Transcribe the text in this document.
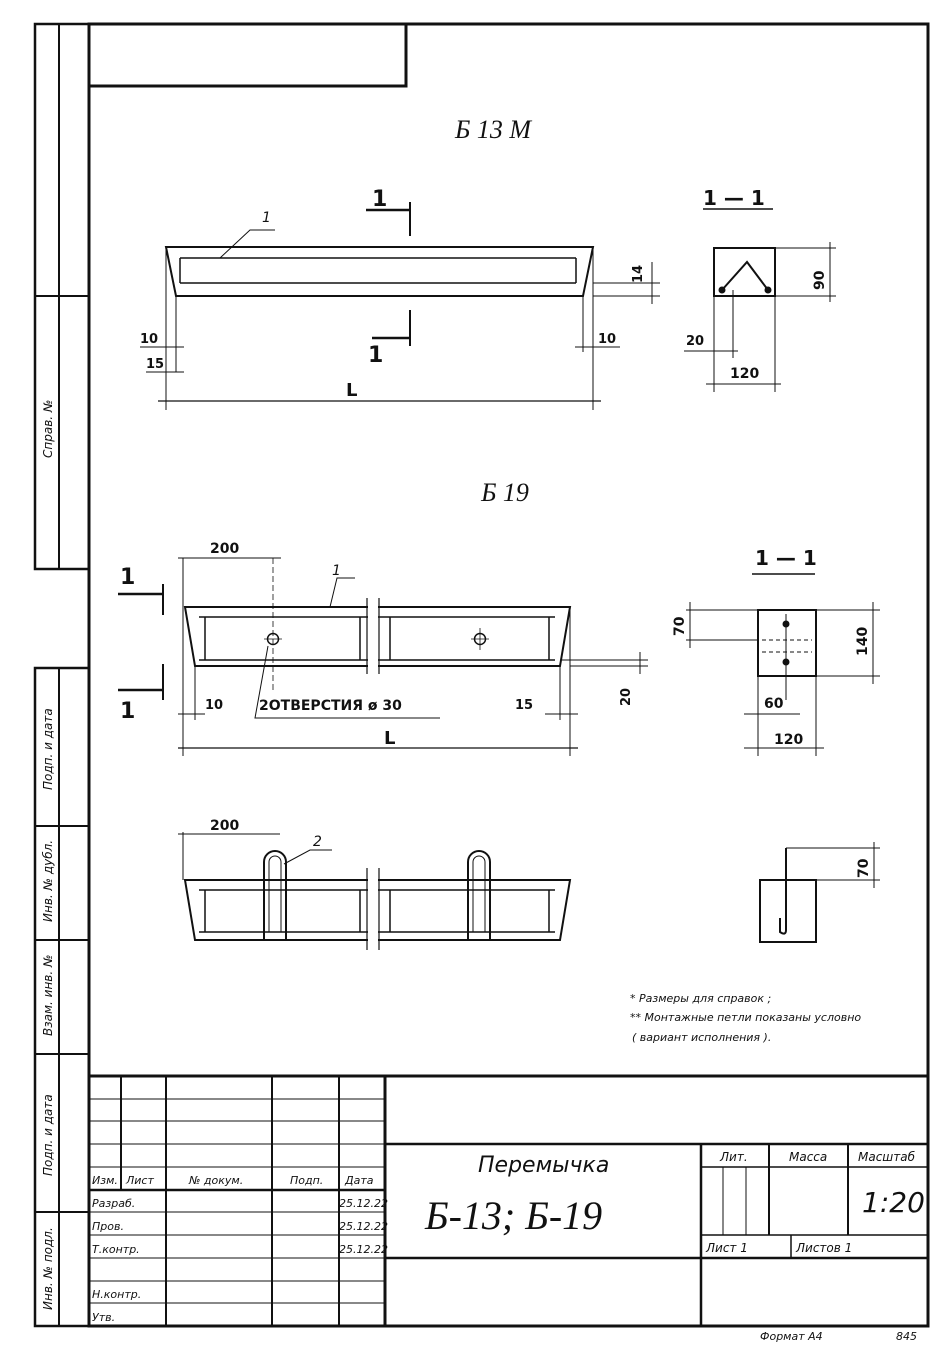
Справ. №
Подп. и дата
Инв. № дубл.
Взам. инв. №
Подп. и дата
Инв. № подл.
Б 13 М
Б 19
1
1
1
10
15
10
14
L
1 — 1
90
20
120
200
1
1
1	10	2ОТВЕРСТИЯ ø 30	15	20
L
1 — 1
70
140
60
120
200
2
70
* Размеры для справок ;
** Монтажные петли показаны условно
( вариант исполнения ).
Изм. Лист	№ докум.	Подп. Дата
Разраб.	25.12.22
Пров.	25.12.22
Т.контр.	25.12.22
Н.контр.
Утв.
Перемычка
Б-13; Б-19
Лит.	Масса	Масштаб
1:20
Лист 1	Листов 1
Формат А4	845
